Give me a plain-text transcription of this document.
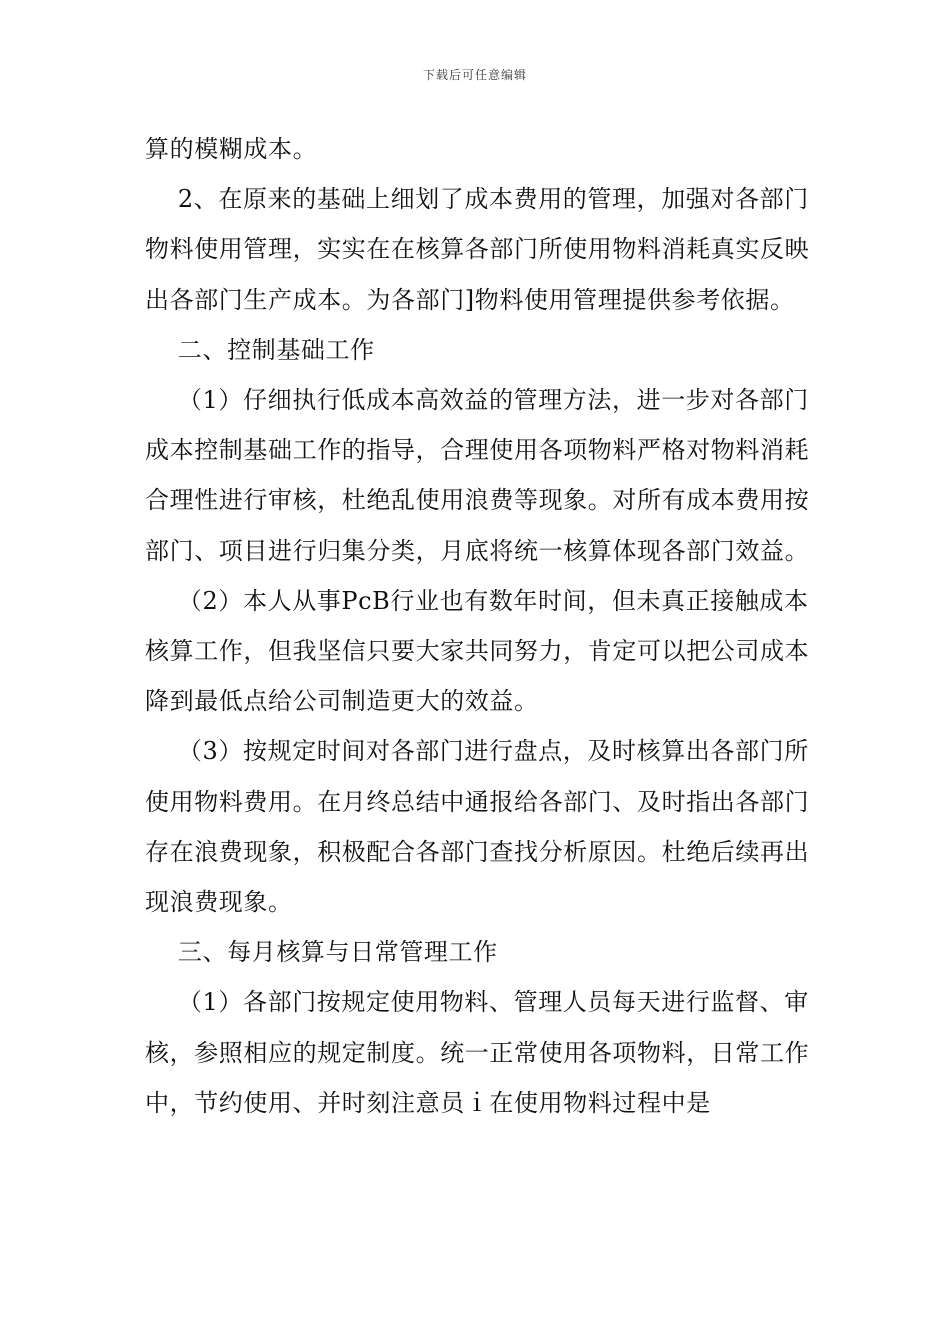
下载后可任意编辑

算的模糊成本。

2、在原来的基础上细划了成本费用的管理，加强对各部门物料使用管理，实实在在核算各部门所使用物料消耗真实反映出各部门生产成本。为各部门]物料使用管理提供参考依据。

二、控制基础工作

（1）仔细执行低成本高效益的管理方法，进一步对各部门成本控制基础工作的指导，合理使用各项物料严格对物料消耗合理性进行审核，杜绝乱使用浪费等现象。对所有成本费用按部门、项目进行归集分类，月底将统一核算体现各部门效益。

（2）本人从事PcB行业也有数年时间，但未真正接触成本核算工作，但我坚信只要大家共同努力，肯定可以把公司成本降到最低点给公司制造更大的效益。

（3）按规定时间对各部门进行盘点，及时核算出各部门所使用物料费用。在月终总结中通报给各部门、及时指出各部门存在浪费现象，积极配合各部门查找分析原因。杜绝后续再出现浪费现象。

三、每月核算与日常管理工作

（1）各部门按规定使用物料、管理人员每天进行监督、审核，参照相应的规定制度。统一正常使用各项物料，日常工作中，节约使用、并时刻注意员ｉ在使用物料过程中是
